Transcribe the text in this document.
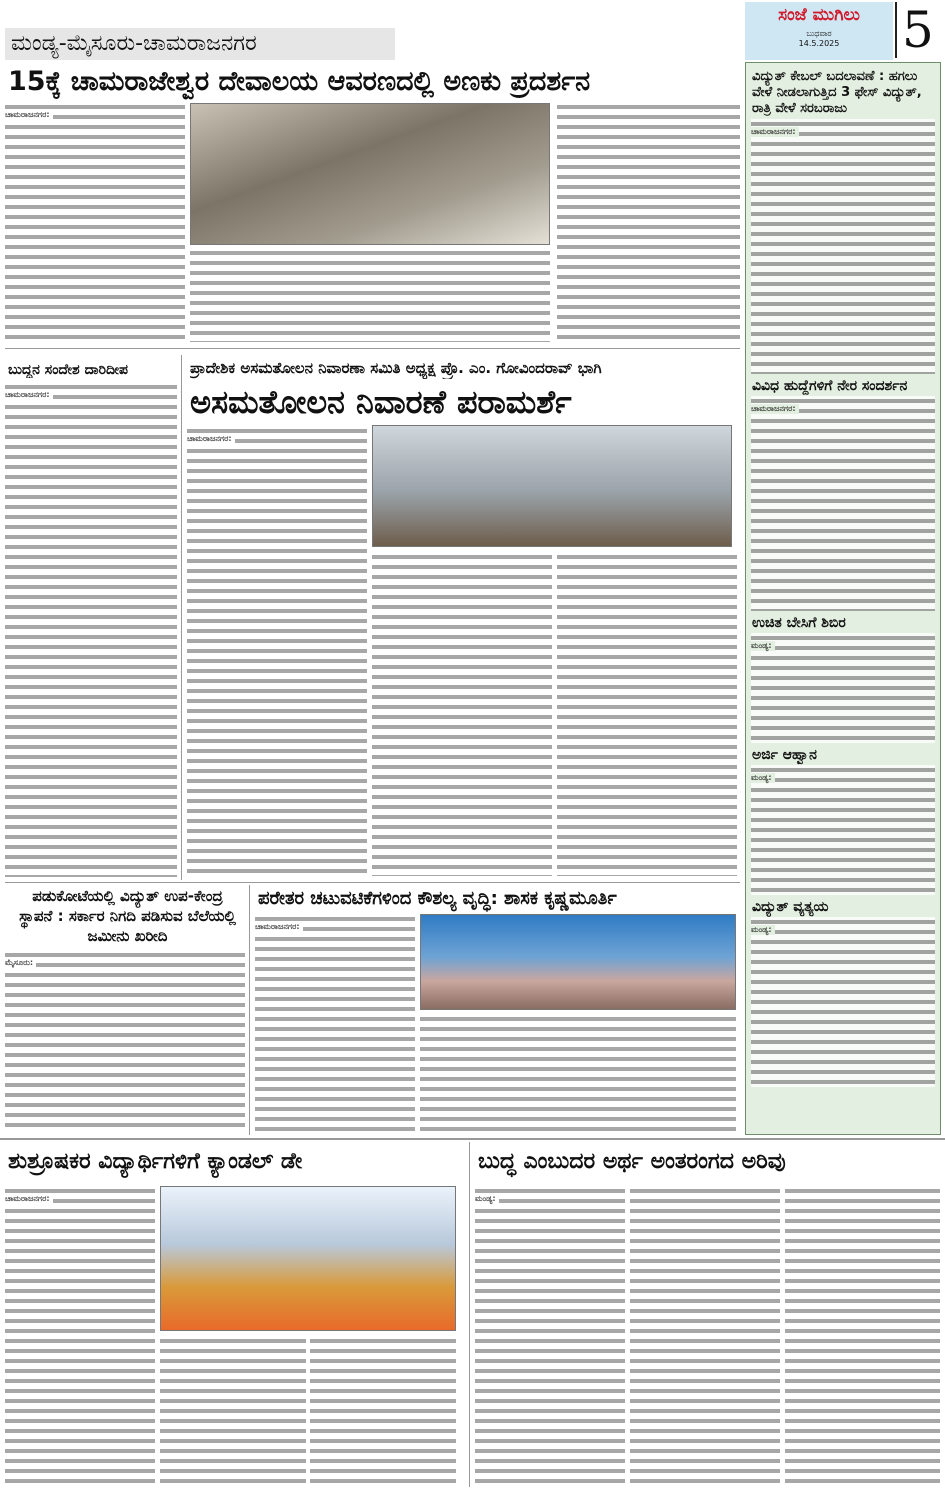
ಮಂಡ್ಯ-ಮೈಸೂರು-ಚಾಮರಾಜನಗರ
ಸಂಜೆ ಮುಗಿಲು
ಬುಧವಾರ
14.5.2025	5
15ಕ್ಕೆ ಚಾಮರಾಜೇಶ್ವರ ದೇವಾಲಯ ಆವರಣದಲ್ಲಿ ಅಣಕು ಪ್ರದರ್ಶನ
ಚಾಮರಾಜನಗರ:
ವಿದ್ಯುತ್ ಕೇಬಲ್ ಬದಲಾವಣೆ : ಹಗಲು ವೇಳೆ ನೀಡಲಾಗುತ್ತಿದ 3 ಫೇಸ್ ವಿದ್ಯುತ್, ರಾತ್ರಿ ವೇಳೆ ಸರಬರಾಜು
ಚಾಮರಾಜನಗರ:
ವಿವಿಧ ಹುದ್ದೆಗಳಿಗೆ ನೇರ ಸಂದರ್ಶನ
ಚಾಮರಾಜನಗರ:
ಉಚಿತ ಬೇಸಿಗೆ ಶಿಬಿರ
ಮಂಡ್ಯ:
ಅರ್ಜಿ ಆಹ್ವಾನ
ಮಂಡ್ಯ:
ವಿದ್ಯುತ್ ವ್ಯತ್ಯಯ
ಮಂಡ್ಯ:
ಬುದ್ಧನ ಸಂದೇಶ ದಾರಿದೀಪ
ಚಾಮರಾಜನಗರ:
ಪ್ರಾದೇಶಿಕ ಅಸಮತೋಲನ ನಿವಾರಣಾ ಸಮಿತಿ ಅಧ್ಯಕ್ಷ ಪ್ರೊ. ಎಂ. ಗೋವಿಂದರಾವ್ ಭಾಗಿ
ಅಸಮತೋಲನ ನಿವಾರಣೆ ಪರಾಮರ್ಶೆ
ಚಾಮರಾಜನಗರ:
ಪಡುಕೋಟೆಯಲ್ಲಿ ವಿದ್ಯುತ್ ಉಪ-ಕೇಂದ್ರ ಸ್ಥಾಪನೆ : ಸರ್ಕಾರ ನಿಗದಿ ಪಡಿಸುವ ಬೆಲೆಯಲ್ಲಿ ಜಮೀನು ಖರೀದಿ
ಮೈಸೂರು:
ಪರೇತರ ಚಟುವಟಿಕೆಗಳಿಂದ ಕೌಶಲ್ಯ ವೃದ್ಧಿ: ಶಾಸಕ ಕೃಷ್ಣಮೂರ್ತಿ
ಚಾಮರಾಜನಗರ:
ಶುಶ್ರೂಷಕರ ವಿದ್ಯಾರ್ಥಿಗಳಿಗೆ ಕ್ಯಾಂಡಲ್ ಡೇ
ಚಾಮರಾಜನಗರ:
ಬುದ್ಧ ಎಂಬುದರ ಅರ್ಥ ಅಂತರಂಗದ ಅರಿವು
ಮಂಡ್ಯ:
